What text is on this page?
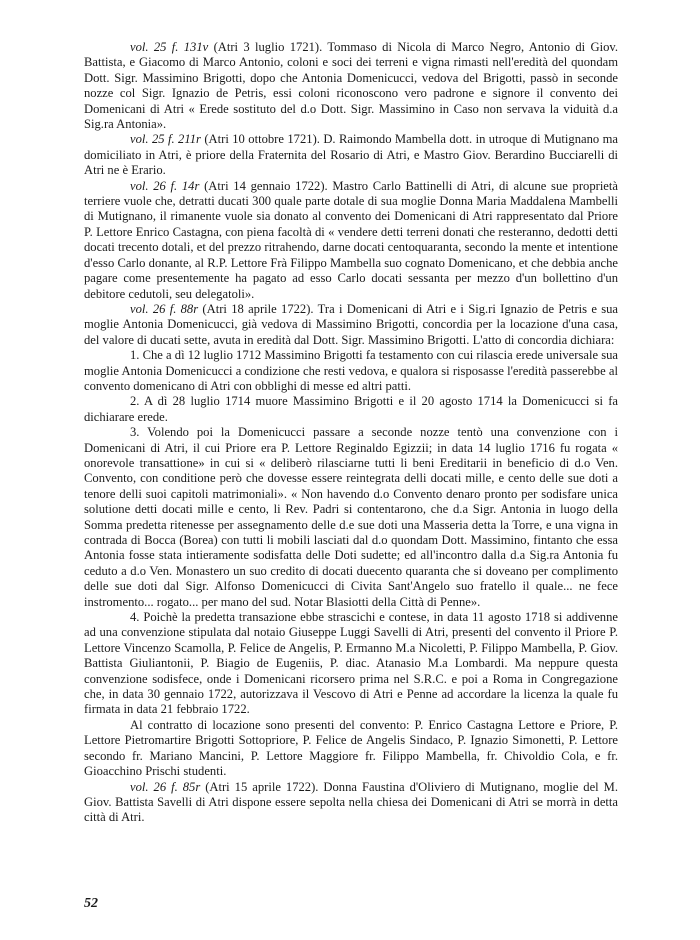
vol. 25 f. 131v (Atri 3 luglio 1721). Tommaso di Nicola di Marco Negro, Antonio di Giov. Battista, e Giacomo di Marco Antonio, coloni e soci dei terreni e vigna rimasti nell'eredità del quondam Dott. Sigr. Massimino Brigotti, dopo che Antonia Domenicucci, vedova del Brigotti, passò in seconde nozze col Sigr. Ignazio de Petris, essi coloni riconoscono vero padrone e signore il convento dei Domenicani di Atri « Erede sostituto del d.o Dott. Sigr. Massimino in Caso non servava la viduità d.a Sig.ra Antonia».

vol. 25 f. 211r (Atri 10 ottobre 1721). D. Raimondo Mambella dott. in utroque di Mutignano ma domiciliato in Atri, è priore della Fraternita del Rosario di Atri, e Mastro Giov. Berardino Bucciarelli di Atri ne è Erario.

vol. 26 f. 14r (Atri 14 gennaio 1722). Mastro Carlo Battinelli di Atri, di alcune sue proprietà terriere vuole che, detratti ducati 300 quale parte dotale di sua moglie Donna Maria Maddalena Mambelli di Mutignano, il rimanente vuole sia donato al convento dei Domenicani di Atri rappresentato dal Priore P. Lettore Enrico Castagna, con piena facoltà di « vendere detti terreni donati che resteranno, dedotti detti docati trecento dotali, et del prezzo ritrahendo, darne docati centoquaranta, secondo la mente et intentione d'esso Carlo donante, al R.P. Lettore Frà Filippo Mambella suo cognato Domenicano, et che debbia anche pagare come presentemente ha pagato ad esso Carlo docati sessanta per mezzo d'un bollettino d'un debitore cedutoli, seu delegatoli».

vol. 26 f. 88r (Atri 18 aprile 1722). Tra i Domenicani di Atri e i Sig.ri Ignazio de Petris e sua moglie Antonia Domenicucci, già vedova di Massimino Brigotti, concordia per la locazione d'una casa, del valore di ducati sette, avuta in eredità dal Dott. Sigr. Massimino Brigotti. L'atto di concordia dichiara:

1. Che a dì 12 luglio 1712 Massimino Brigotti fa testamento con cui rilascia erede universale sua moglie Antonia Domenicucci a condizione che resti vedova, e qualora si risposasse l'eredità passerebbe al convento domenicano di Atri con obblighi di messe ed altri patti.

2. A dì 28 luglio 1714 muore Massimino Brigotti e il 20 agosto 1714 la Domenicucci si fa dichiarare erede.

3. Volendo poi la Domenicucci passare a seconde nozze tentò una convenzione con i Domenicani di Atri, il cui Priore era P. Lettore Reginaldo Egizzii; in data 14 luglio 1716 fu rogata « onorevole transattione» in cui si « deliberò rilasciarne tutti li beni Ereditarii in beneficio di d.o Ven. Convento, con conditione però che dovesse essere reintegrata delli docati mille, e cento delle sue doti a tenore delli suoi capitoli matrimoniali». « Non havendo d.o Convento denaro pronto per sodisfare unica solutione detti docati mille e cento, li Rev. Padri si contentarono, che d.a Sigr. Antonia in luogo della Somma predetta ritenesse per assegnamento delle d.e sue doti una Masseria detta la Torre, e una vigna in contrada di Bocca (Borea) con tutti li mobili lasciati dal d.o quondam Dott. Massimino, fintanto che essa Antonia fosse stata intieramente sodisfatta delle Doti sudette; ed all'incontro dalla d.a Sig.ra Antonia fu ceduto a d.o Ven. Monastero un suo credito di docati duecento quaranta che si doveano per complimento delle sue doti dal Sigr. Alfonso Domenicucci di Civita Sant'Angelo suo fratello il quale... ne fece instromento... rogato... per mano del sud. Notar Blasiotti della Città di Penne».

4. Poichè la predetta transazione ebbe strascichi e contese, in data 11 agosto 1718 si addivenne ad una convenzione stipulata dal notaio Giuseppe Luggi Savelli di Atri, presenti del convento il Priore P. Lettore Vincenzo Scamolla, P. Felice de Angelis, P. Ermanno M.a Nicoletti, P. Filippo Mambella, P. Giov. Battista Giuliantonii, P. Biagio de Eugeniis, P. diac. Atanasio M.a Lombardi. Ma neppure questa convenzione sodisfece, onde i Domenicani ricorsero prima nel S.R.C. e poi a Roma in Congregazione che, in data 30 gennaio 1722, autorizzava il Vescovo di Atri e Penne ad accordare la licenza la quale fu firmata in data 21 febbraio 1722.

Al contratto di locazione sono presenti del convento: P. Enrico Castagna Lettore e Priore, P. Lettore Pietromartire Brigotti Sottopriore, P. Felice de Angelis Sindaco, P. Ignazio Simonetti, P. Lettore secondo fr. Mariano Mancini, P. Lettore Maggiore fr. Filippo Mambella, fr. Chivoldio Cola, e fr. Gioacchino Prischi studenti.

vol. 26 f. 85r (Atri 15 aprile 1722). Donna Faustina d'Oliviero di Mutignano, moglie del M. Giov. Battista Savelli di Atri dispone essere sepolta nella chiesa dei Domenicani di Atri se morrà in detta città di Atri.

52
